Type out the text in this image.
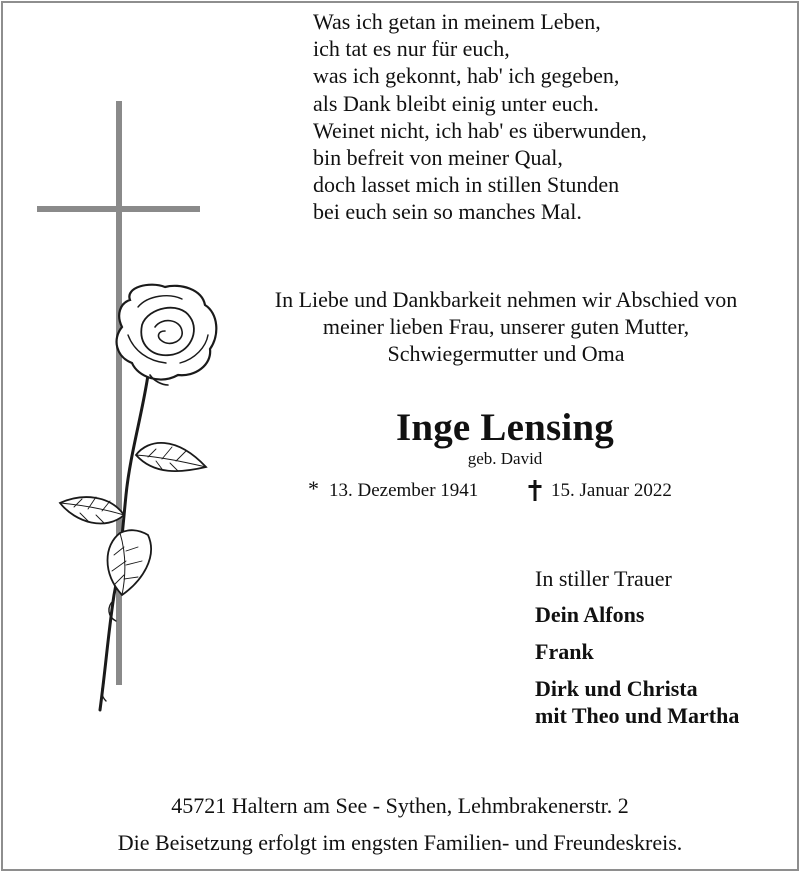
Was ich getan in meinem Leben,
ich tat es nur für euch,
was ich gekonnt, hab' ich gegeben,
als Dank bleibt einig unter euch.
Weinet nicht, ich hab' es überwunden,
bin befreit von meiner Qual,
doch lasset mich in stillen Stunden
bei euch sein so manches Mal.
In Liebe und Dankbarkeit nehmen wir Abschied von
meiner lieben Frau, unserer guten Mutter,
Schwiegermutter und Oma
Inge Lensing
geb. David
* 13. Dezember 1941	15. Januar 2022
In stiller Trauer
Dein Alfons
Frank
Dirk und Christa
mit Theo und Martha
45721 Haltern am See - Sythen, Lehmbrakenerstr. 2
Die Beisetzung erfolgt im engsten Familien- und Freundeskreis.
